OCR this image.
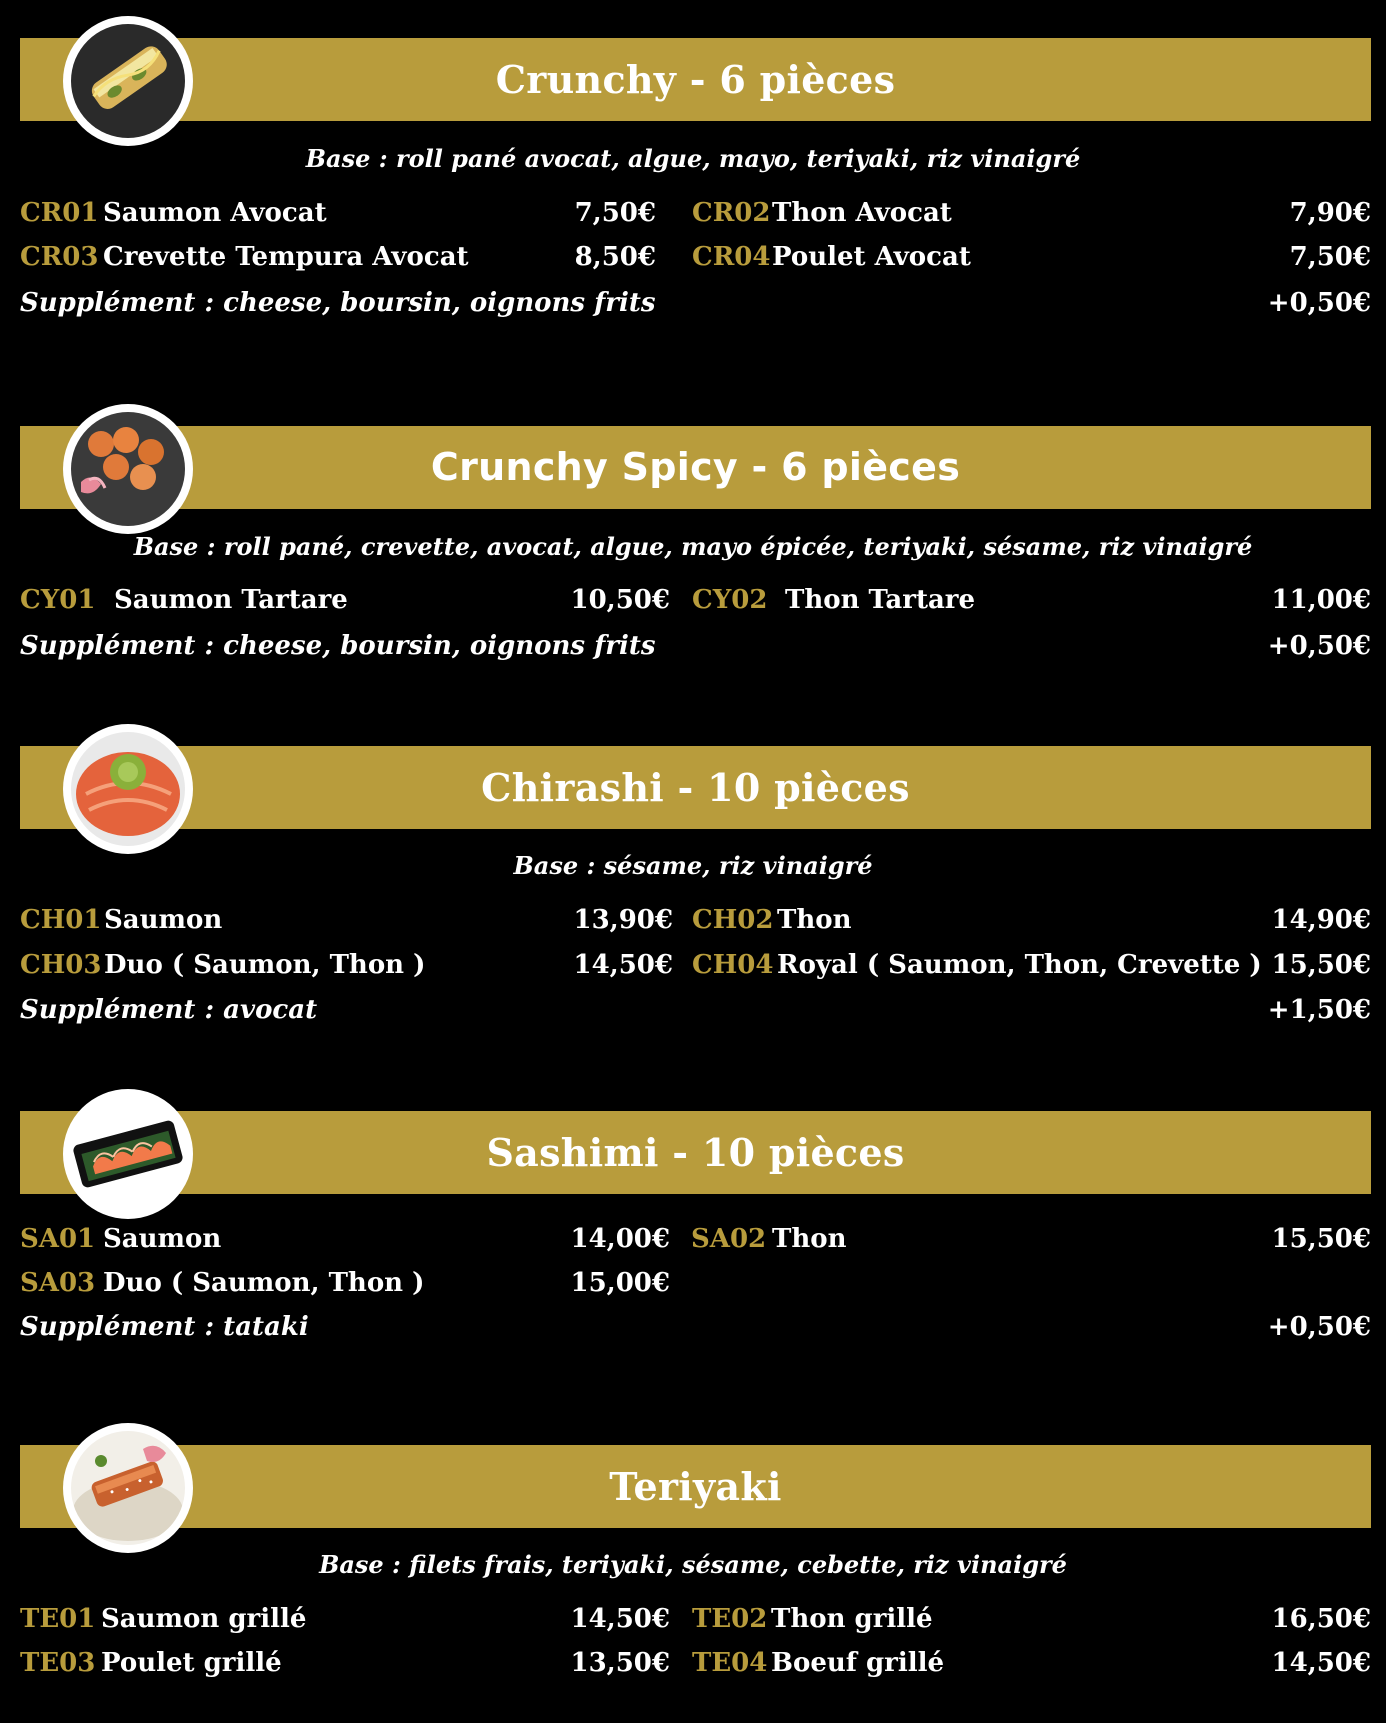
Crunchy - 6 pièces
Base : roll pané avocat, algue, mayo, teriyaki, riz vinaigré
CR01 Saumon Avocat	7,50€ CR02 Thon Avocat	7,90€
CR03 Crevette Tempura Avocat	8,50€ CR04 Poulet Avocat	7,50€
Supplément : cheese, boursin, oignons frits	+0,50€
Crunchy Spicy - 6 pièces
Base : roll pané, crevette, avocat, algue, mayo épicée, teriyaki, sésame, riz vinaigré
CY01 Saumon Tartare	10,50€ CY02 Thon Tartare	11,00€
Supplément : cheese, boursin, oignons frits	+0,50€
Chirashi - 10 pièces
Base : sésame, riz vinaigré
CH01 Saumon	13,90€ CH02 Thon	14,90€
CH03 Duo ( Saumon, Thon )	14,50€ CH04 Royal ( Saumon, Thon, Crevette ) 15,50€
Supplément : avocat	+1,50€
Sashimi - 10 pièces
SA01 Saumon	14,00€ SA02 Thon	15,50€
SA03 Duo ( Saumon, Thon )	15,00€
Supplément : tataki	+0,50€
Teriyaki
Base : filets frais, teriyaki, sésame, cebette, riz vinaigré
TE01 Saumon grillé	14,50€ TE02 Thon grillé	16,50€
TE03 Poulet grillé	13,50€ TE04 Boeuf grillé	14,50€
